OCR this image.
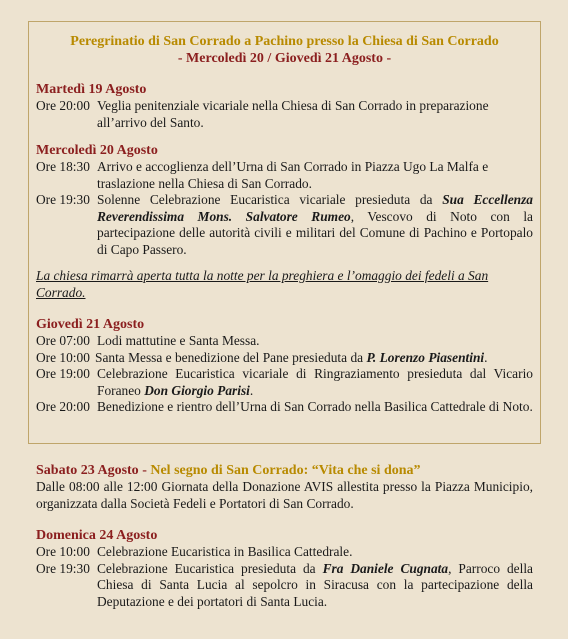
Peregrinatio di San Corrado a Pachino presso la Chiesa di San Corrado
- Mercoledì 20 / Giovedì 21 Agosto -
Martedì 19 Agosto
Ore 20:00 Veglia penitenziale vicariale nella Chiesa di San Corrado in preparazione all’arrivo del Santo.
Mercoledì 20 Agosto
Ore 18:30 Arrivo e accoglienza dell’Urna di San Corrado in Piazza Ugo La Malfa e traslazione nella Chiesa di San Corrado.
Ore 19:30 Solenne Celebrazione Eucaristica vicariale presieduta da Sua Eccellenza Reverendissima Mons. Salvatore Rumeo, Vescovo di Noto con la partecipazione delle autorità civili e militari del Comune di Pachino e Portopalo di Capo Passero.
La chiesa rimarrà aperta tutta la notte per la preghiera e l’omaggio dei fedeli a San Corrado.
Giovedì 21 Agosto
Ore 07:00 Lodi mattutine e Santa Messa.
Ore 10:00 Santa Messa e benedizione del Pane presieduta da P. Lorenzo Piasentini.
Ore 19:00 Celebrazione Eucaristica vicariale di Ringraziamento presieduta dal Vicario Foraneo Don Giorgio Parisi.
Ore 20:00 Benedizione e rientro dell’Urna di San Corrado nella Basilica Cattedrale di Noto.
Sabato 23 Agosto - Nel segno di San Corrado: “Vita che si dona”
Dalle 08:00 alle 12:00 Giornata della Donazione AVIS allestita presso la Piazza Municipio, organizzata dalla Società Fedeli e Portatori di San Corrado.
Domenica 24 Agosto
Ore 10:00 Celebrazione Eucaristica in Basilica Cattedrale.
Ore 19:30 Celebrazione Eucaristica presieduta da Fra Daniele Cugnata, Parroco della Chiesa di Santa Lucia al sepolcro in Siracusa con la partecipazione della Deputazione e dei portatori di Santa Lucia.
